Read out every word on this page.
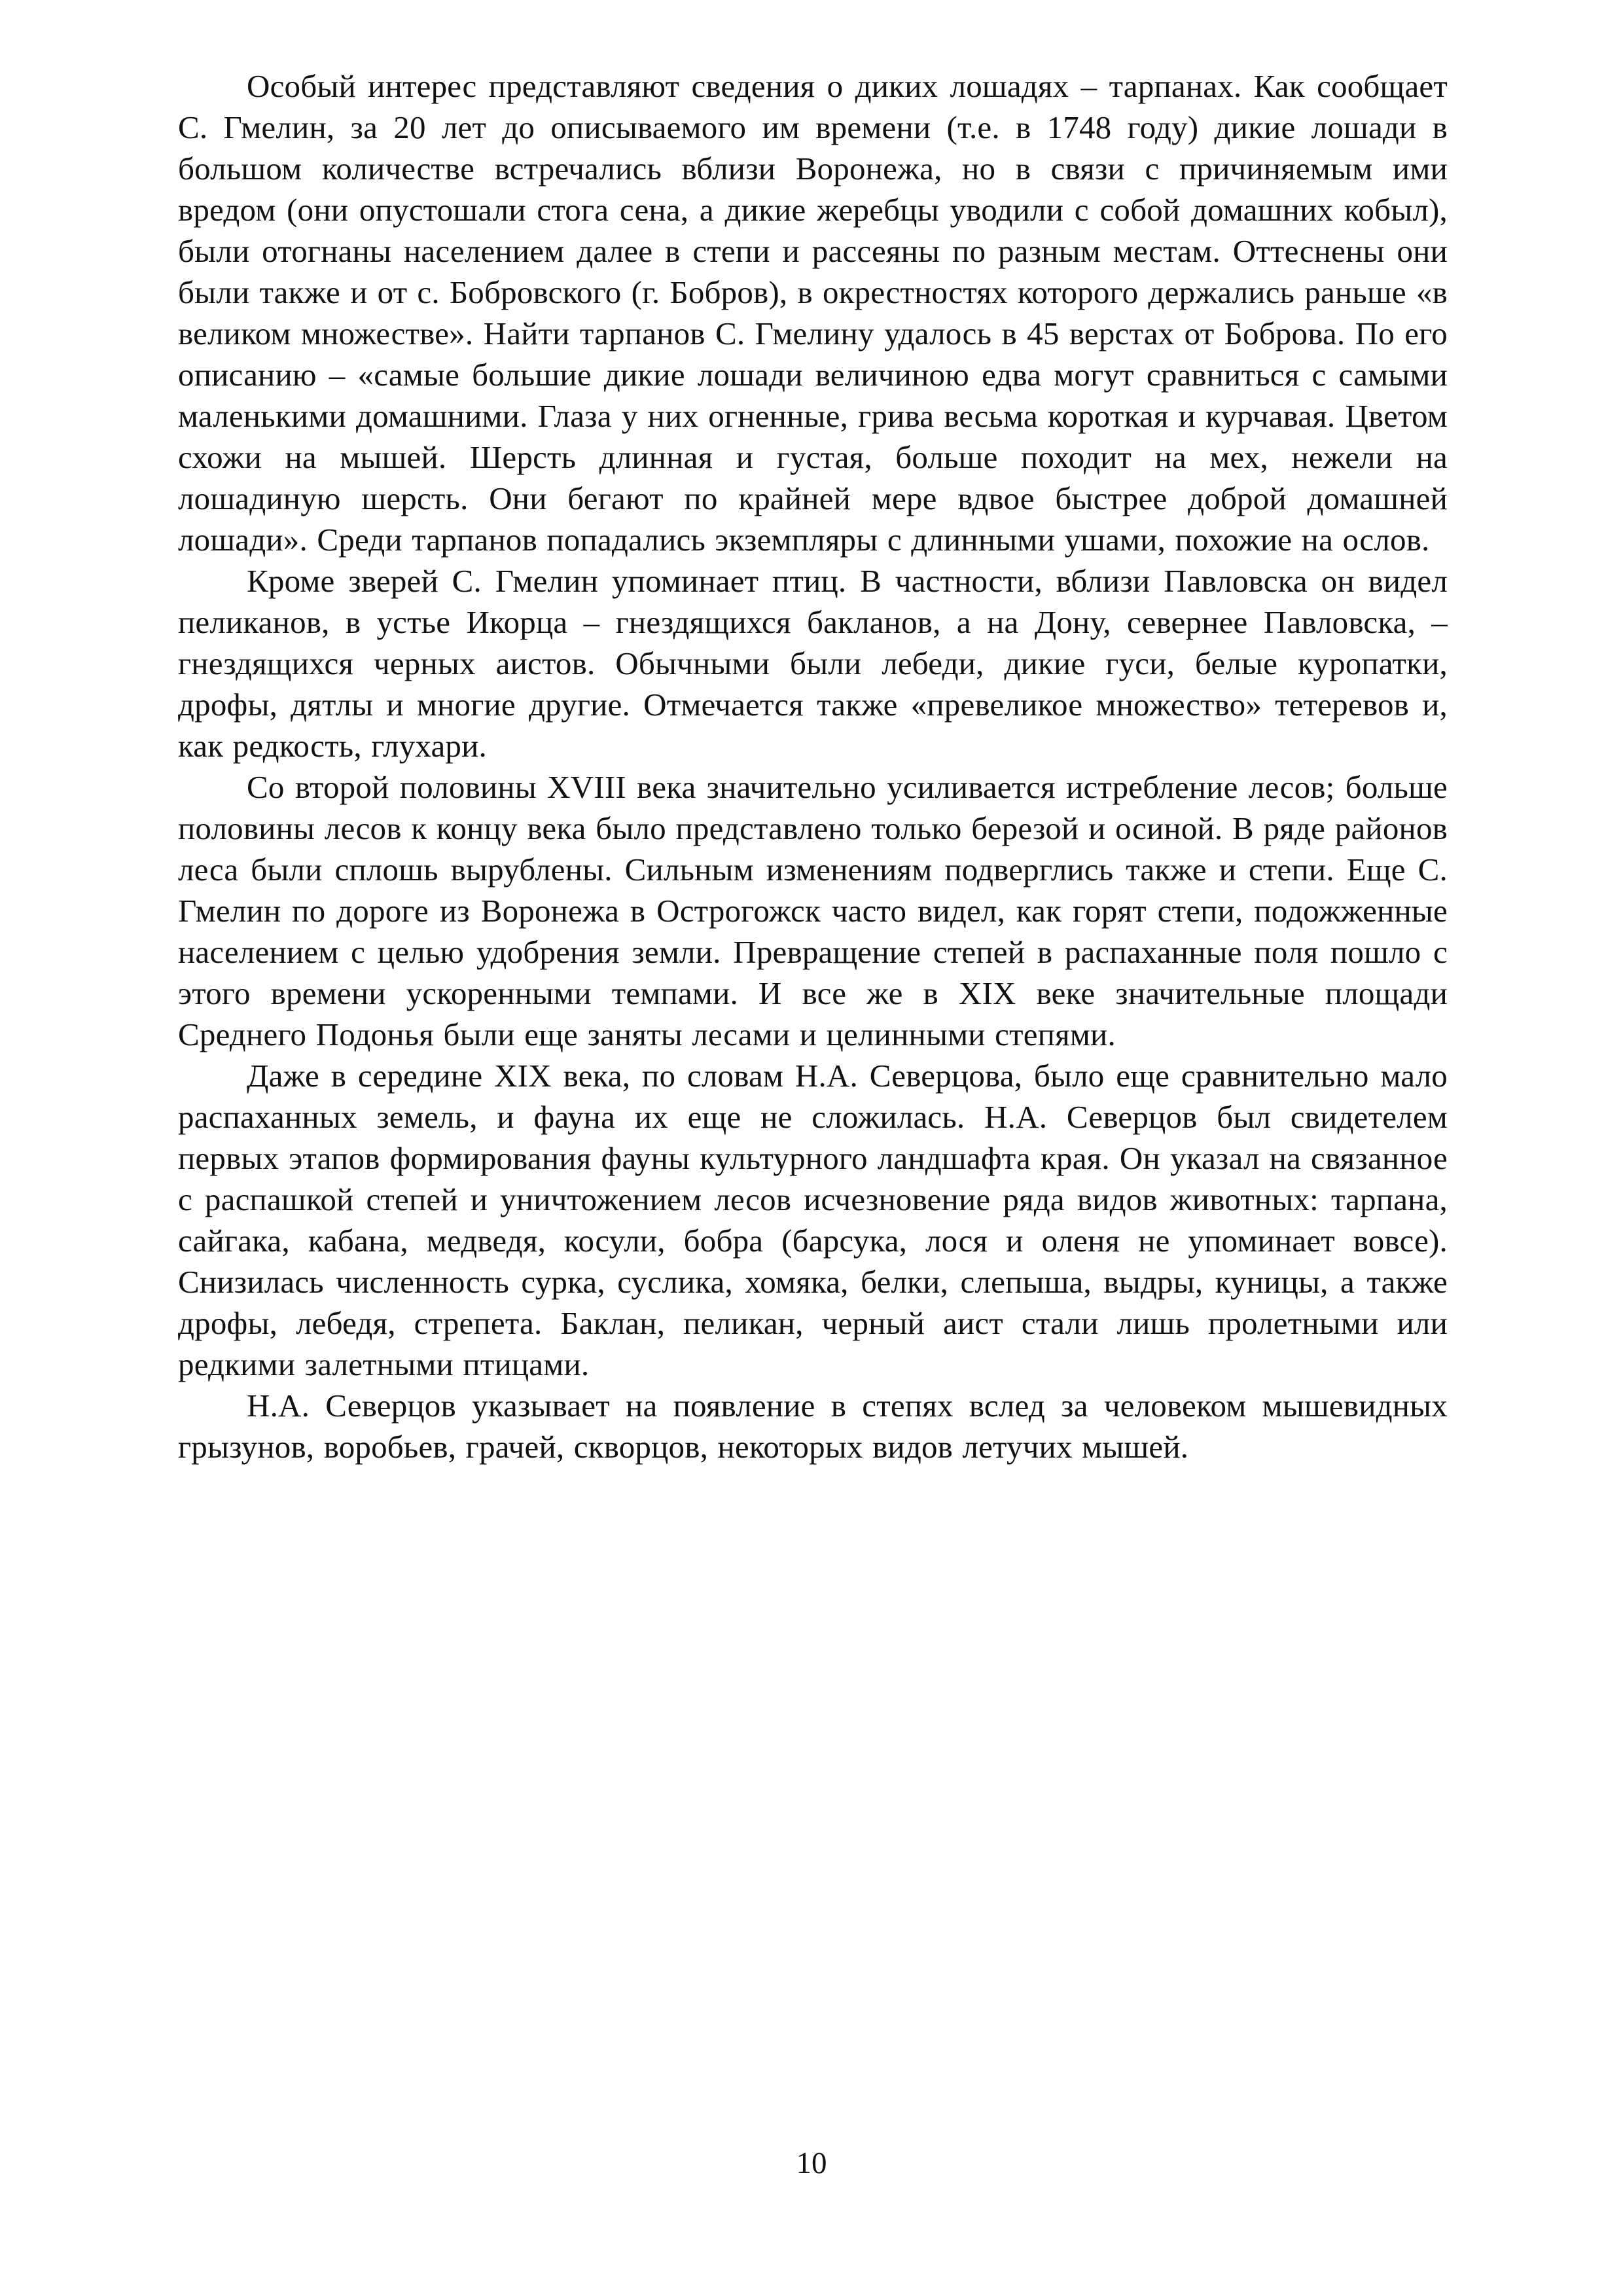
Особый интерес представляют сведения о диких лошадях – тарпанах. Как сообщает С. Гмелин, за 20 лет до описываемого им времени (т.е. в 1748 году) дикие лошади в большом количестве встречались вблизи Воронежа, но в связи с причиняемым ими вредом (они опустошали стога сена, а дикие жеребцы уводили с собой домашних кобыл), были отогнаны населением далее в степи и рассеяны по разным местам. Оттеснены они были также и от с. Бобровского (г. Бобров), в окрестностях которого держались раньше «в великом множестве». Найти тарпанов С. Гмелину удалось в 45 верстах от Боброва. По его описанию – «самые большие дикие лошади величиною едва могут сравниться с самыми маленькими домашними. Глаза у них огненные, грива весьма короткая и курчавая. Цветом схожи на мышей. Шерсть длинная и густая, больше походит на мех, нежели на лошадиную шерсть. Они бегают по крайней мере вдвое быстрее доброй домашней лошади». Среди тарпанов попадались экземпляры с длинными ушами, похожие на ослов.

Кроме зверей С. Гмелин упоминает птиц. В частности, вблизи Павловска он видел пеликанов, в устье Икорца – гнездящихся бакланов, а на Дону, севернее Павловска, – гнездящихся черных аистов. Обычными были лебеди, дикие гуси, белые куропатки, дрофы, дятлы и многие другие. Отмечается также «превеликое множество» тетеревов и, как редкость, глухари.

Со второй половины XVIII века значительно усиливается истребление лесов; больше половины лесов к концу века было представлено только березой и осиной. В ряде районов леса были сплошь вырублены. Сильным изменениям подверглись также и степи. Еще С. Гмелин по дороге из Воронежа в Острогожск часто видел, как горят степи, подожженные населением с целью удобрения земли. Превращение степей в распаханные поля пошло с этого времени ускоренными темпами. И все же в XIX веке значительные площади Среднего Подонья были еще заняты лесами и целинными степями.

Даже в середине XIX века, по словам Н.А. Северцова, было еще сравнительно мало распаханных земель, и фауна их еще не сложилась. Н.А. Северцов был свидетелем первых этапов формирования фауны культурного ландшафта края. Он указал на связанное с распашкой степей и уничтожением лесов исчезновение ряда видов животных: тарпана, сайгака, кабана, медведя, косули, бобра (барсука, лося и оленя не упоминает вовсе). Снизилась численность сурка, суслика, хомяка, белки, слепыша, выдры, куницы, а также дрофы, лебедя, стрепета. Баклан, пеликан, черный аист стали лишь пролетными или редкими залетными птицами.

Н.А. Северцов указывает на появление в степях вслед за человеком мышевидных грызунов, воробьев, грачей, скворцов, некоторых видов летучих мышей.

10
